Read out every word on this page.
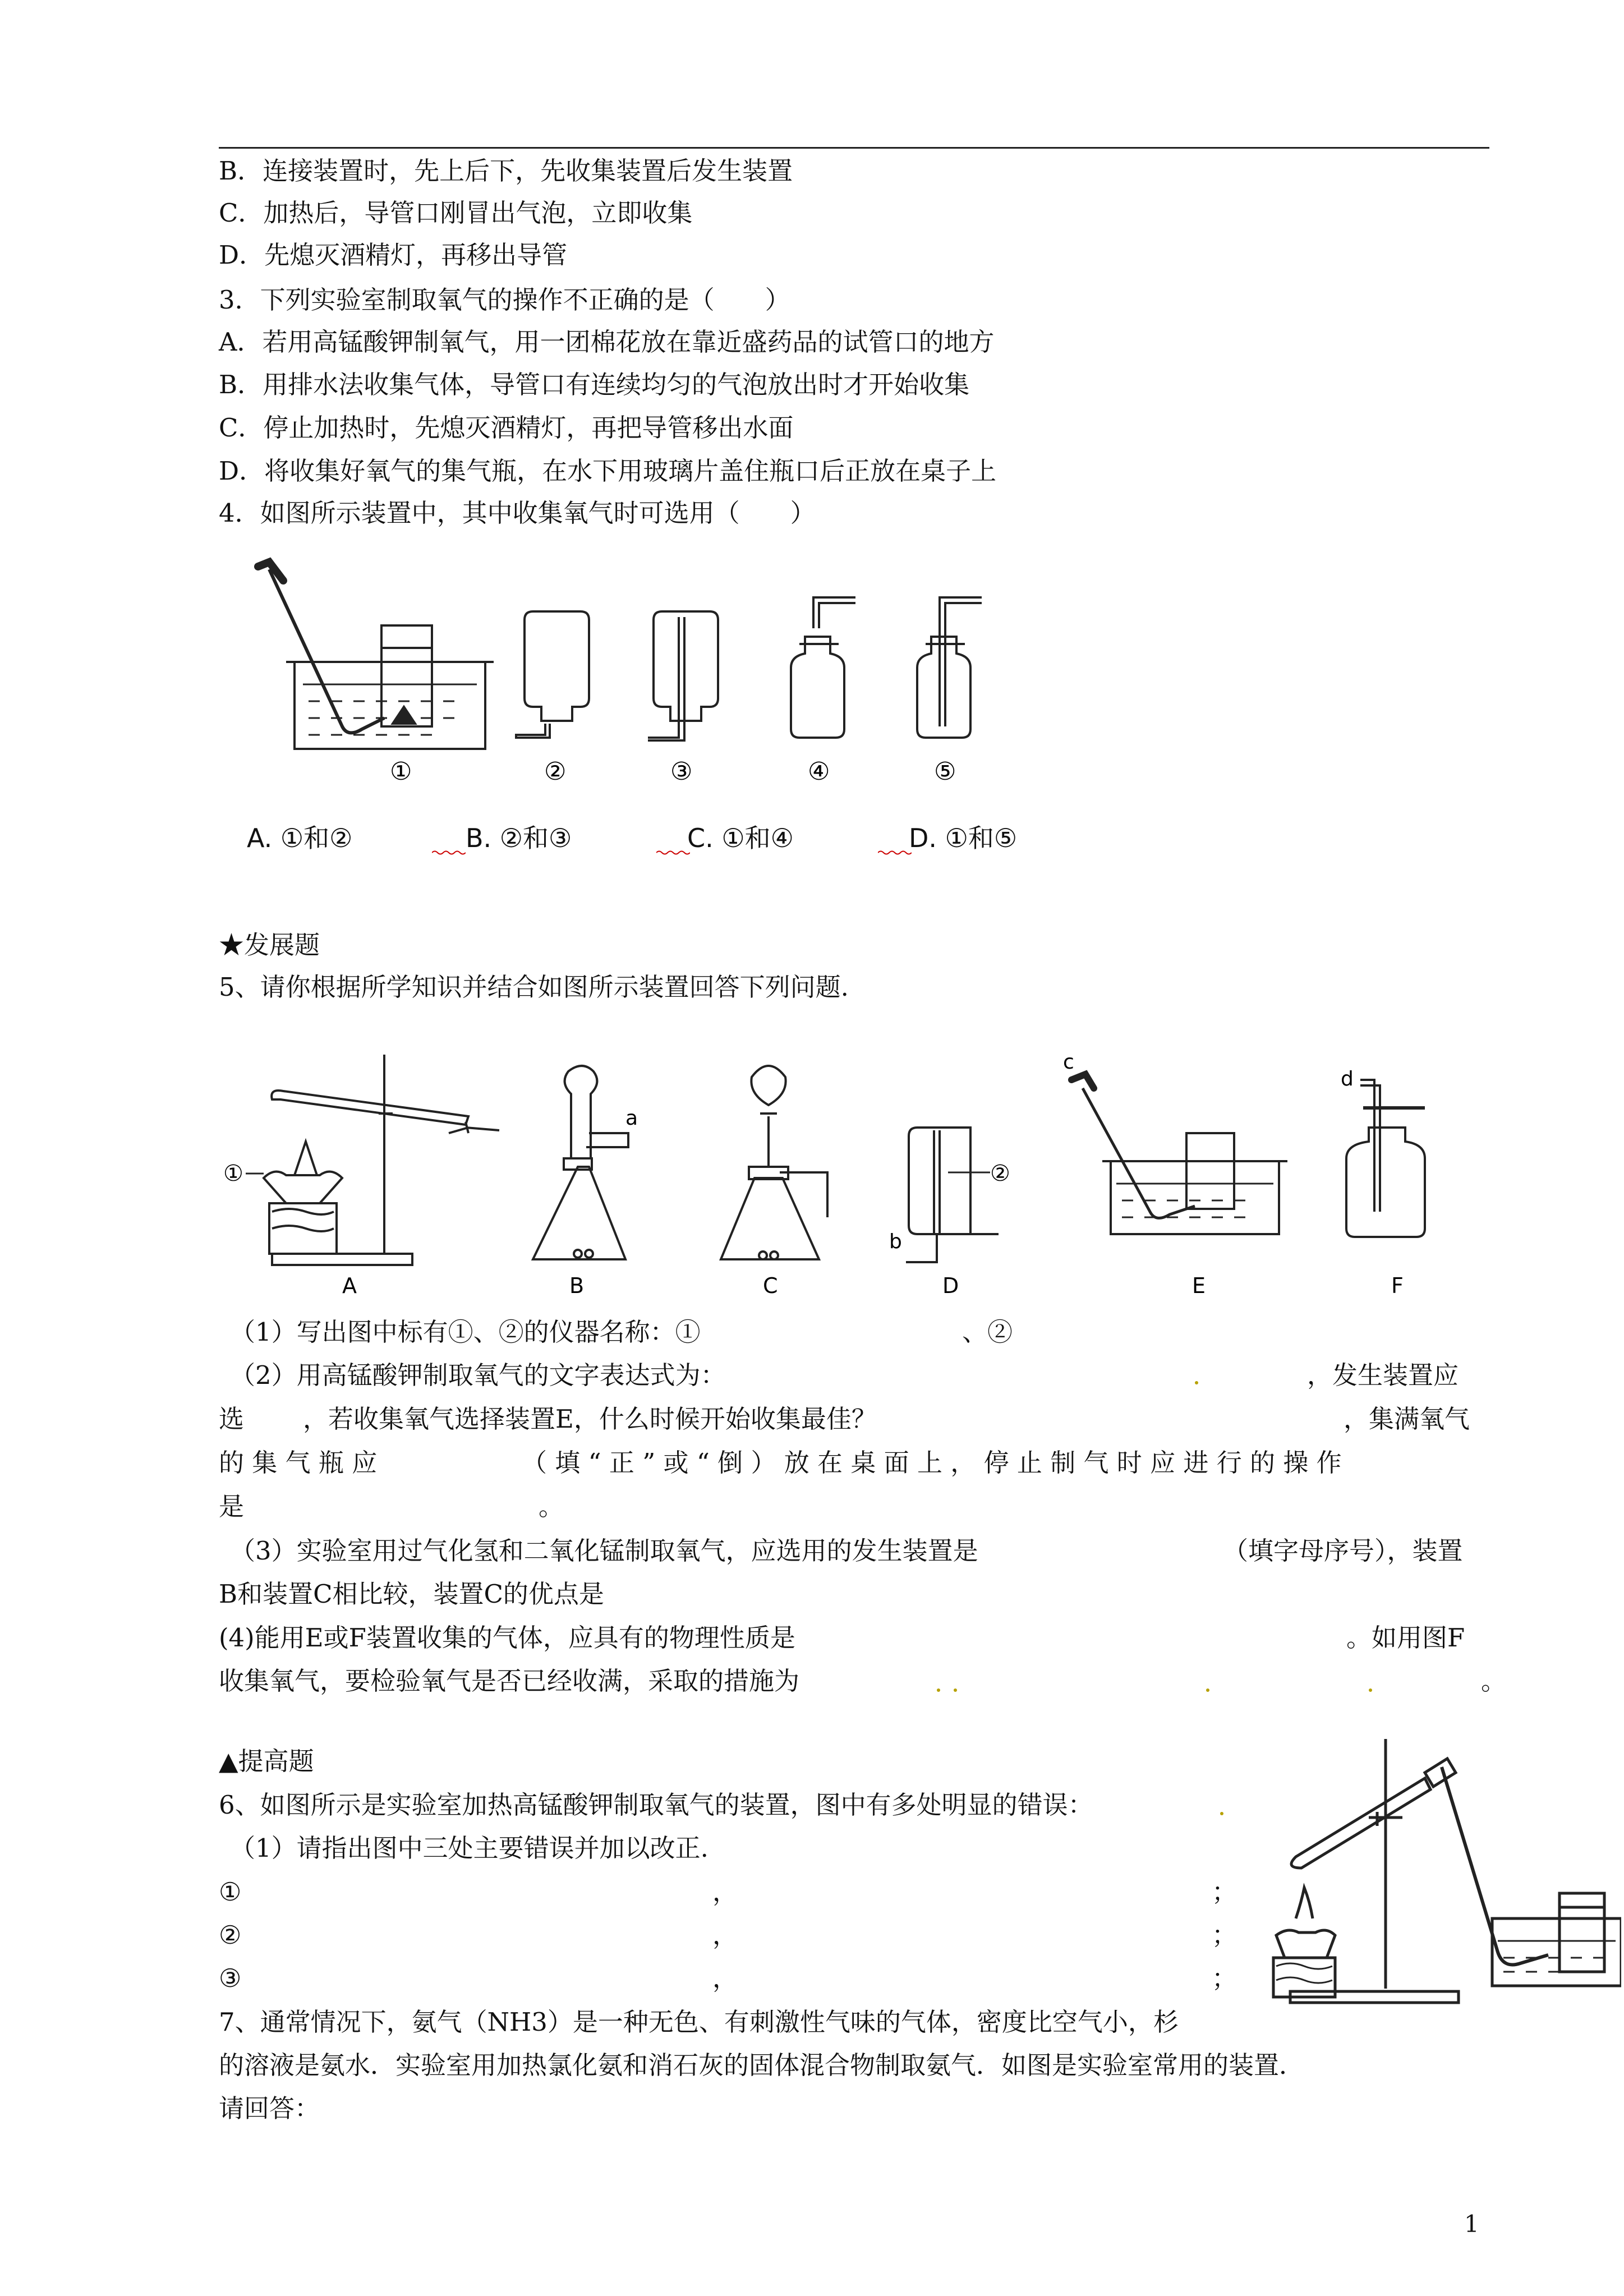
B．连接装置时，先上后下，先收集装置后发生装置
C．加热后，导管口刚冒出气泡，立即收集
D．先熄灭酒精灯，再移出导管
3．下列实验室制取氧气的操作不正确的是（　　）
A．若用高锰酸钾制氧气，用一团棉花放在靠近盛药品的试管口的地方
B．用排水法收集气体，导管口有连续均匀的气泡放出时才开始收集
C．停止加热时，先熄灭酒精灯，再把导管移出水面
D．将收集好氧气的集气瓶，在水下用玻璃片盖住瓶口后正放在桌子上
4．如图所示装置中，其中收集氧气时可选用（　　）
①	②	③	④	⑤
A. ①和②	B. ②和③	C. ①和④	D. ①和⑤
★发展题
5、请你根据所学知识并结合如图所示装置回答下列问题.
①
A
a
B	C
b
②
D
c
E
d
F
（1）写出图中标有①、②的仪器名称：①	、②
（2）用高锰酸钾制取氧气的文字表达式为：	，发生装置应
选 ，若收集氧气选择装置E，什么时候开始收集最佳？	，集满氧气
的 集 气 瓶 应	（ 填 “ 正 ” 或 “ 倒 ） 放 在 桌 面 上 ， 停 止 制 气 时 应 进 行 的 操 作
是	。
（3）实验室用过气化氢和二氧化锰制取氧气，应选用的发生装置是	（填字母序号），装置
B和装置C相比较，装置C的优点是
(4)能用E或F装置收集的气体，应具有的物理性质是	。如用图F
收集氧气，要检验氧气是否已经收满，采取的措施为	。
▲提高题
6、如图所示是实验室加热高锰酸钾制取氧气的装置，图中有多处明显的错误：
（1）请指出图中三处主要错误并加以改正.
①	，	；
②	，	；
③	，	；
7、通常情况下，氨气（NH3）是一种无色、有刺激性气味的气体，密度比空气小，杉
的溶液是氨水．实验室用加热氯化氨和消石灰的固体混合物制取氨气．如图是实验室常用的装置．
请回答：
1
